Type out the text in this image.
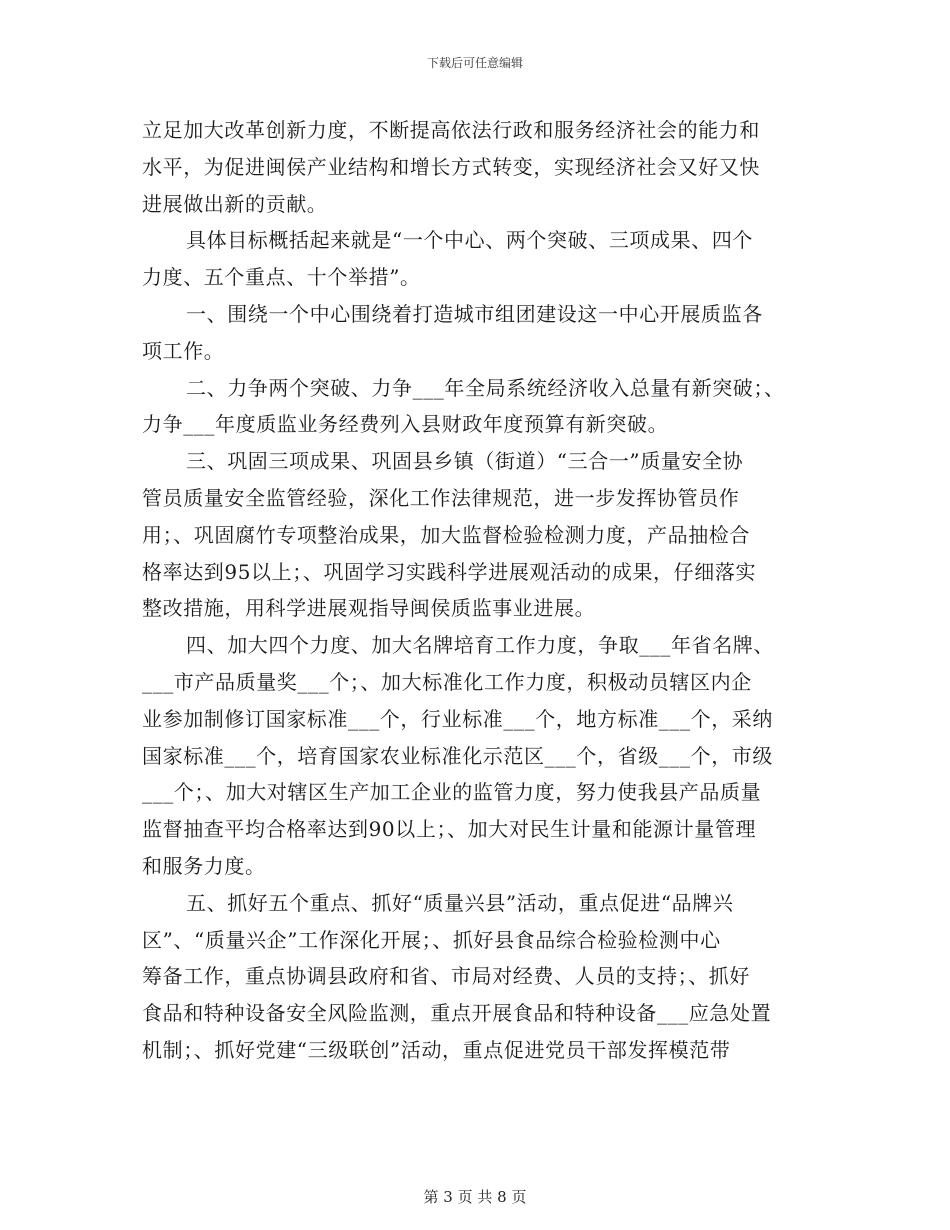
下载后可任意编辑
立足加大改革创新力度，不断提高依法行政和服务经济社会的能力和
水平，为促进闽侯产业结构和增长方式转变，实现经济社会又好又快
进展做出新的贡献。
具体目标概括起来就是“一个中心、两个突破、三项成果、四个
力度、五个重点、十个举措”。
一、围绕一个中心围绕着打造城市组团建设这一中心开展质监各
项工作。
二、力争两个突破、力争___年全局系统经济收入总量有新突破；、
力争___年度质监业务经费列入县财政年度预算有新突破。
三、巩固三项成果、巩固县乡镇（街道）“三合一”质量安全协
管员质量安全监管经验，深化工作法律规范，进一步发挥协管员作
用；、巩固腐竹专项整治成果，加大监督检验检测力度，产品抽检合
格率达到95以上；、巩固学习实践科学进展观活动的成果，仔细落实
整改措施，用科学进展观指导闽侯质监事业进展。
四、加大四个力度、加大名牌培育工作力度，争取___年省名牌、
___市产品质量奖___个；、加大标准化工作力度，积极动员辖区内企
业参加制修订国家标准___个，行业标准___个，地方标准___个，采纳
国家标准___个，培育国家农业标准化示范区___个，省级___个，市级
___个；、加大对辖区生产加工企业的监管力度，努力使我县产品质量
监督抽查平均合格率达到90以上；、加大对民生计量和能源计量管理
和服务力度。
五、抓好五个重点、抓好“质量兴县”活动，重点促进“品牌兴
区”、“质量兴企”工作深化开展；、抓好县食品综合检验检测中心
筹备工作，重点协调县政府和省、市局对经费、人员的支持；、抓好
食品和特种设备安全风险监测，重点开展食品和特种设备___应急处置
机制；、抓好党建“三级联创”活动，重点促进党员干部发挥模范带
第 3 页 共 8 页
